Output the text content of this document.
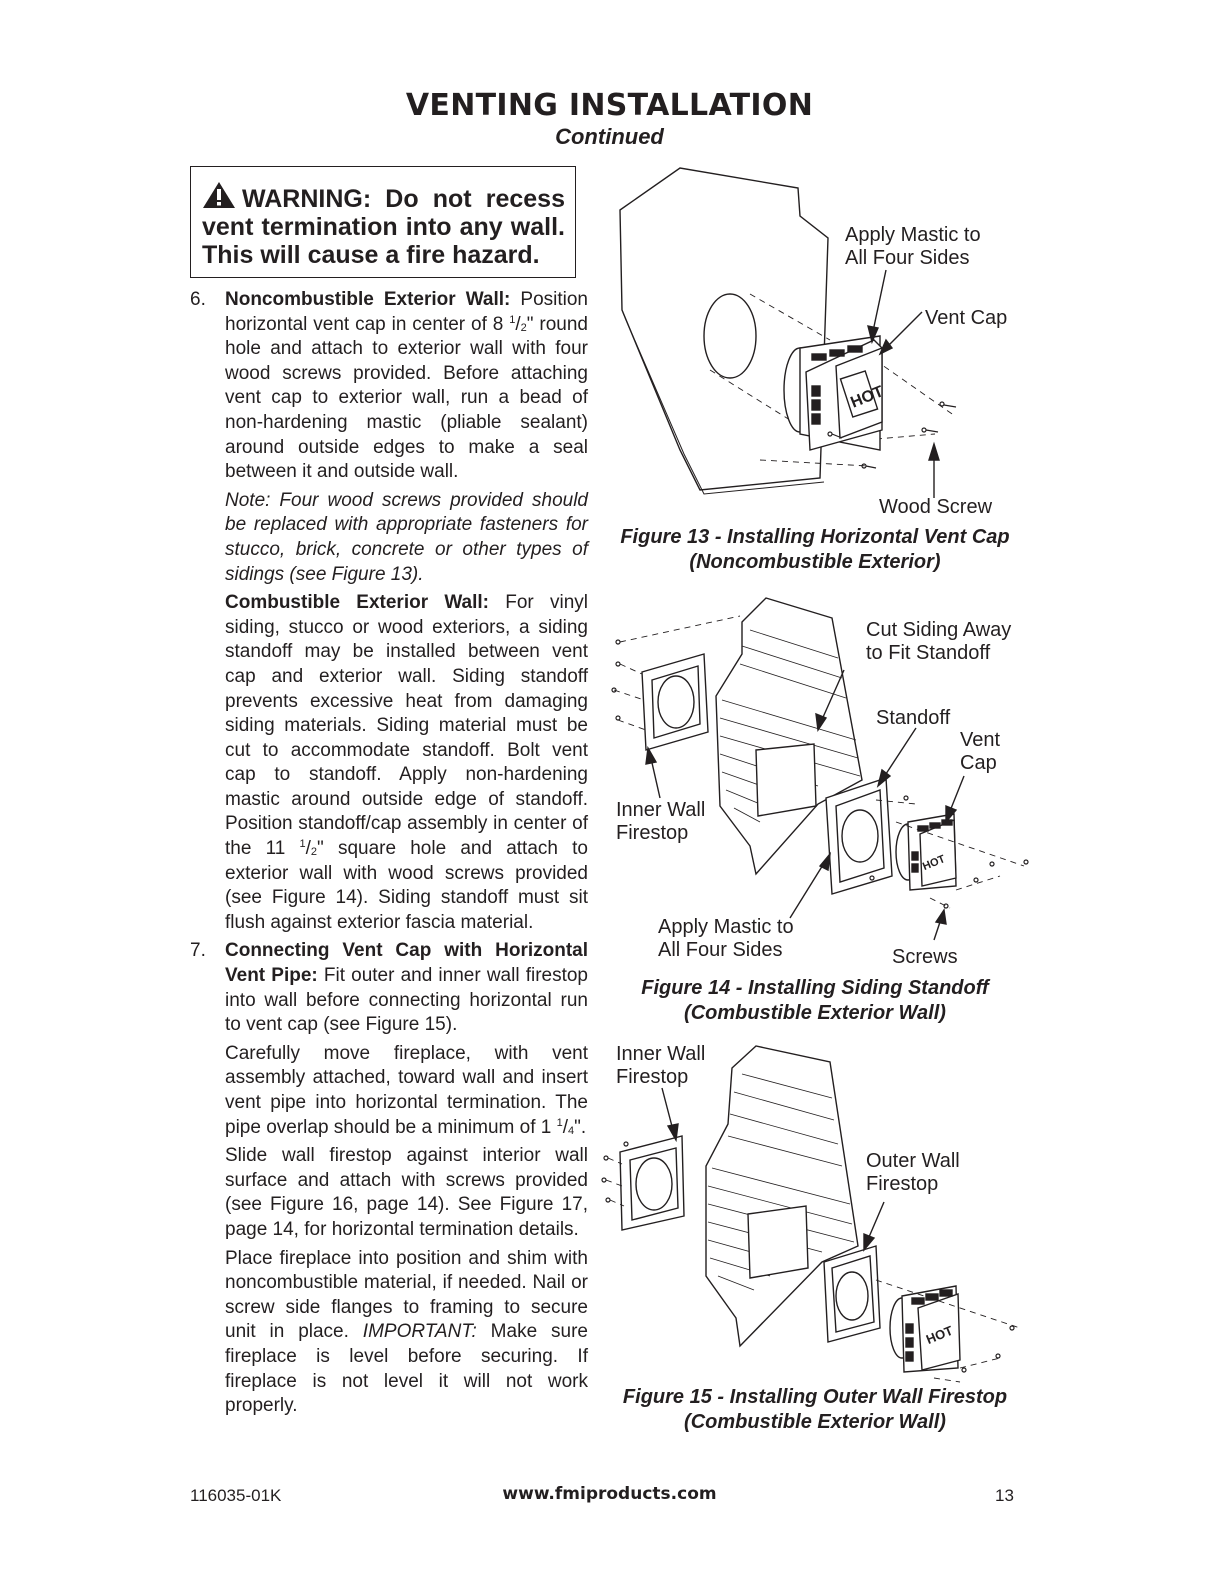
VENTING INSTALLATION
Continued
WARNING: Do not recess vent termination into any wall. This will cause a fire hazard.
6. Noncombustible Exterior Wall: Position horizontal vent cap in center of 8 $^1$/2" round hole and attach to exterior wall with four wood screws provided. Before attaching vent cap to exterior wall, run a bead of non-hardening mastic (pliable sealant) around outside edges to make a seal between it and outside wall.

Note: Four wood screws provided should be replaced with appropriate fasteners for stucco, brick, concrete or other types of sidings (see Figure 13).

Combustible Exterior Wall: For vinyl siding, stucco or wood exteriors, a siding standoff may be installed between vent cap and exterior wall. Siding standoff prevents excessive heat from damaging siding materials. Siding material must be cut to accommodate standoff. Bolt vent cap to standoff. Apply non-hardening mastic around outside edge of standoff. Position standoff/cap assembly in center of the 11 $^1$/2" square hole and attach to exterior wall with wood screws provided (see Figure 14). Siding standoff must sit flush against exterior fascia material.

7. Connecting Vent Cap with Horizontal Vent Pipe: Fit outer and inner wall firestop into wall before connecting horizontal run to vent cap (see Figure 15).

Carefully move fireplace, with vent assembly attached, toward wall and insert vent pipe into horizontal termination. The pipe overlap should be a minimum of 1 $^1$/4".

Slide wall firestop against interior wall surface and attach with screws provided (see Figure 16, page 14). See Figure 17, page 14, for horizontal termination details.

Place fireplace into position and shim with noncombustible material, if needed. Nail or screw side flanges to framing to secure unit in place. IMPORTANT: Make sure fireplace is level before securing. If fireplace is not level it will not work properly.

HOT
Apply Mastic to
All Four Sides
Vent Cap
Wood Screw
Figure 13 - Installing Horizontal Vent Cap
(Noncombustible Exterior)
HOT
Cut Siding Away
to Fit Standoff
Standoff
Vent
Cap
Inner Wall
Firestop
Apply Mastic to
All Four Sides	Screws
Figure 14 - Installing Siding Standoff
(Combustible Exterior Wall)
HOT
Inner Wall
Firestop
Outer Wall
Firestop
Figure 15 - Installing Outer Wall Firestop
(Combustible Exterior Wall)
116035-01K	www.fmiproducts.com	13
